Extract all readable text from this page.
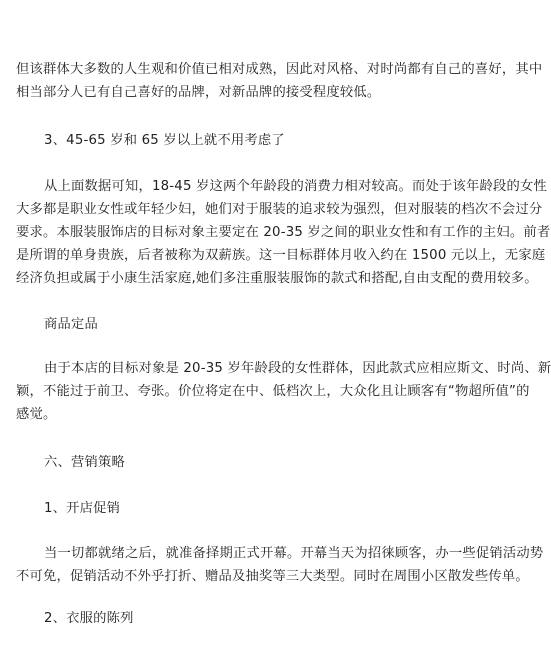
但该群体大多数的人生观和价值已相对成熟，因此对风格、对时尚都有自己的喜好，其中
相当部分人已有自己喜好的品牌，对新品牌的接受程度较低。
3、45-65 岁和 65 岁以上就不用考虑了
从上面数据可知，18-45 岁这两个年龄段的消费力相对较高。而处于该年龄段的女性
大多都是职业女性或年轻少妇，她们对于服装的追求较为强烈，但对服装的档次不会过分
要求。本服装服饰店的目标对象主要定在 20-35 岁之间的职业女性和有工作的主妇。前者
是所谓的单身贵族，后者被称为双薪族。这一目标群体月收入约在 1500 元以上，无家庭
经济负担或属于小康生活家庭,她们多注重服装服饰的款式和搭配,自由支配的费用较多。
商品定品
由于本店的目标对象是 20-35 岁年龄段的女性群体，因此款式应相应斯文、时尚、新
颖，不能过于前卫、夸张。价位将定在中、低档次上，大众化且让顾客有“物超所值”的
感觉。
六、营销策略
1、开店促销
当一切都就绪之后，就准备择期正式开幕。开幕当天为招徕顾客，办一些促销活动势
不可免，促销活动不外乎打折、赠品及抽奖等三大类型。同时在周围小区散发些传单。
2、衣服的陈列
